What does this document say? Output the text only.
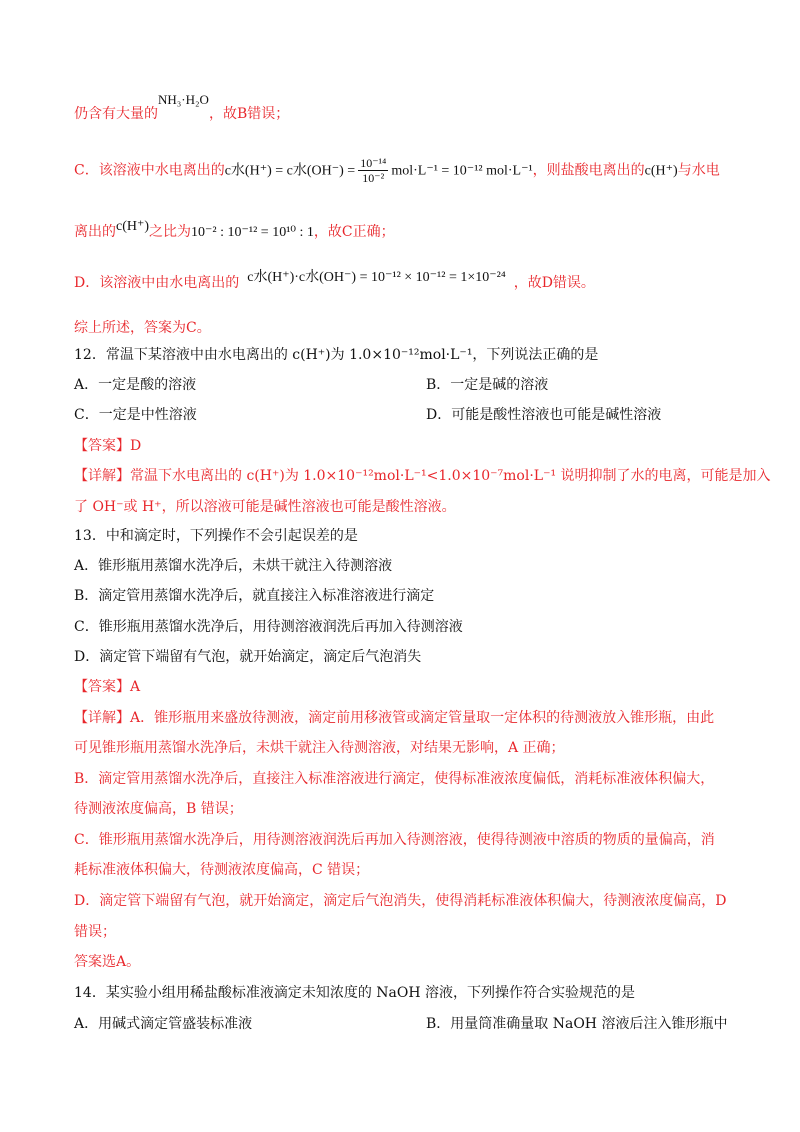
仍含有大量的NH₃·H₂O，故B错误；
C．该溶液中水电离出的c水(H⁺) = c水$(OH^-) = \frac{\text{10⁻¹⁴}}{\text{10⁻²}} mol\cdot L^{-1} = 10^{-12}$ mol·L⁻¹，则盐酸电离出的c(H⁺)与水电
离出的c(H⁺)之比为10⁻² : 10⁻¹² = 10¹⁰ : 1，故C正确；
D．该溶液中由水电离出的 c水(H⁺)·c水(OH⁻) = 10⁻¹² × 10⁻¹² = 1×10⁻²⁴ ，故D错误。
综上所述，答案为C。
12．常温下某溶液中由水电离出的 c(H⁺)为 1.0×10⁻¹²mol·L⁻¹，下列说法正确的是
A．一定是酸的溶液	B．一定是碱的溶液
C．一定是中性溶液	D．可能是酸性溶液也可能是碱性溶液
【答案】D
【详解】常温下水电离出的 c(H⁺)为 1.0×10⁻¹²mol·L⁻¹<1.0×10⁻⁷mol·L⁻¹ 说明抑制了水的电离，可能是加入
了 OH⁻或 H⁺，所以溶液可能是碱性溶液也可能是酸性溶液。
13．中和滴定时，下列操作不会引起误差的是
A．锥形瓶用蒸馏水洗净后，未烘干就注入待测溶液
B．滴定管用蒸馏水洗净后，就直接注入标准溶液进行滴定
C．锥形瓶用蒸馏水洗净后，用待测溶液润洗后再加入待测溶液
D．滴定管下端留有气泡，就开始滴定，滴定后气泡消失
【答案】A
【详解】A．锥形瓶用来盛放待测液，滴定前用移液管或滴定管量取一定体积的待测液放入锥形瓶，由此
可见锥形瓶用蒸馏水洗净后，未烘干就注入待测溶液，对结果无影响，A 正确；
B．滴定管用蒸馏水洗净后，直接注入标准溶液进行滴定，使得标准液浓度偏低，消耗标准液体积偏大，
待测液浓度偏高，B 错误；
C．锥形瓶用蒸馏水洗净后，用待测溶液润洗后再加入待测溶液，使得待测液中溶质的物质的量偏高，消
耗标准液体积偏大，待测液浓度偏高，C 错误；
D．滴定管下端留有气泡，就开始滴定，滴定后气泡消失，使得消耗标准液体积偏大，待测液浓度偏高，D
错误；
答案选A。
14．某实验小组用稀盐酸标准液滴定未知浓度的 NaOH 溶液，下列操作符合实验规范的是
A．用碱式滴定管盛装标准液	B．用量筒准确量取 NaOH 溶液后注入锥形瓶中
